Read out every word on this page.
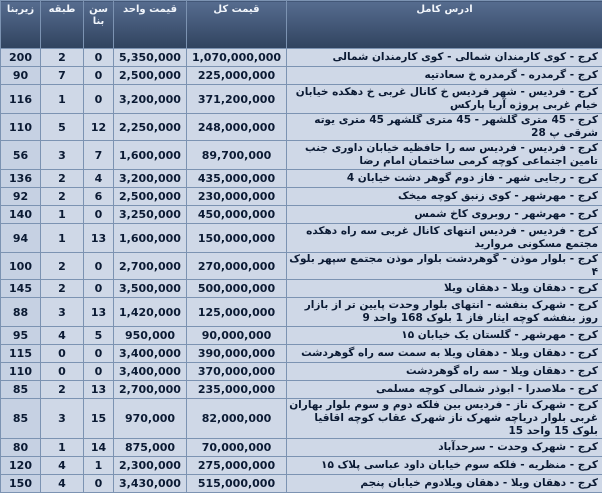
زیربنا	طبقه	سن بنا	قیمت واحد	قیمت کل	ادرس کامل
200	2	0	5,350,000	1,070,000,000	کرج - کوی کارمندان شمالی - کوی کارمندان شمالی
90	7	0	2,500,000	225,000,000	کرج - گرمدره - گرمدره خ سعادتیه
116	1	0	3,200,000	371,200,000	کرج - فردیس - شهر فردیس خ کانال غربی خ دهکده خیابان خیام غربی پروژه آریا پارکس
110	5	12	2,250,000	248,000,000	کرج - 45 متری گلشهر - 45 متری گلشهر 45 متری یوته شرقی پ 28
56	3	7	1,600,000	89,700,000	کرج - فردیس - فردیس سه را حافظیه خیابان داوری جنب تامین اجتماعی کوچه کرمی ساختمان امام رضا
136	2	4	3,200,000	435,000,000	کرج - رجایی شهر - فاز دوم گوهر دشت خیابان 4
92	2	6	2,500,000	230,000,000	کرج - مهرشهر - کوی زنبق کوچه میخک
140	1	0	3,250,000	450,000,000	کرج - مهرشهر - روبروی کاخ شمس
94	1	13	1,600,000	150,000,000	کرج - فردیس - فردیس انتهای کانال غربی سه راه دهکده مجتمع مسکونی مروارید
100	2	0	2,700,000	270,000,000	کرج - بلوار موذن - گوهردشت بلوار موذن مجتمع سپهر بلوک ۴
145	2	0	3,500,000	500,000,000	کرج - دهقان ویلا - دهقان ویلا
88	3	13	1,420,000	125,000,000	کرج - شهرک بنفشه - انتهای بلوار وحدت پایین تر از بازار روز بنفشه کوچه ایثار فاز 1 بلوک 168 واحد 9
95	4	5	950,000	90,000,000	کرج - مهرشهر - گلستان یک خیابان ۱۵
115	0	0	3,400,000	390,000,000	کرج - دهقان ویلا - دهقان ویلا به سمت سه راه گوهردشت
110	0	0	3,400,000	370,000,000	کرج - دهقان ویلا - سه راه گوهردشت
85	2	13	2,700,000	235,000,000	کرج - ملاصدرا - ابوذر شمالی کوچه مسلمی
85	3	15	970,000	82,000,000	کرج - شهرک ناز - فردیس بین فلکه دوم و سوم بلوار بهاران غربی بلوار دریاچه شهرک ناز شهرک عقاب کوچه اقاقیا بلوک 15 واحد 15
80	1	14	875,000	70,000,000	کرج - شهرک وحدت - سرحدآباد
120	4	1	2,300,000	275,000,000	کرج - منظریه - فلکه سوم خیابان داود عباسی پلاک ۱۵
150	4	0	3,430,000	515,000,000	کرج - دهقان ویلا - دهقان ویلادوم خیابان پنجم
